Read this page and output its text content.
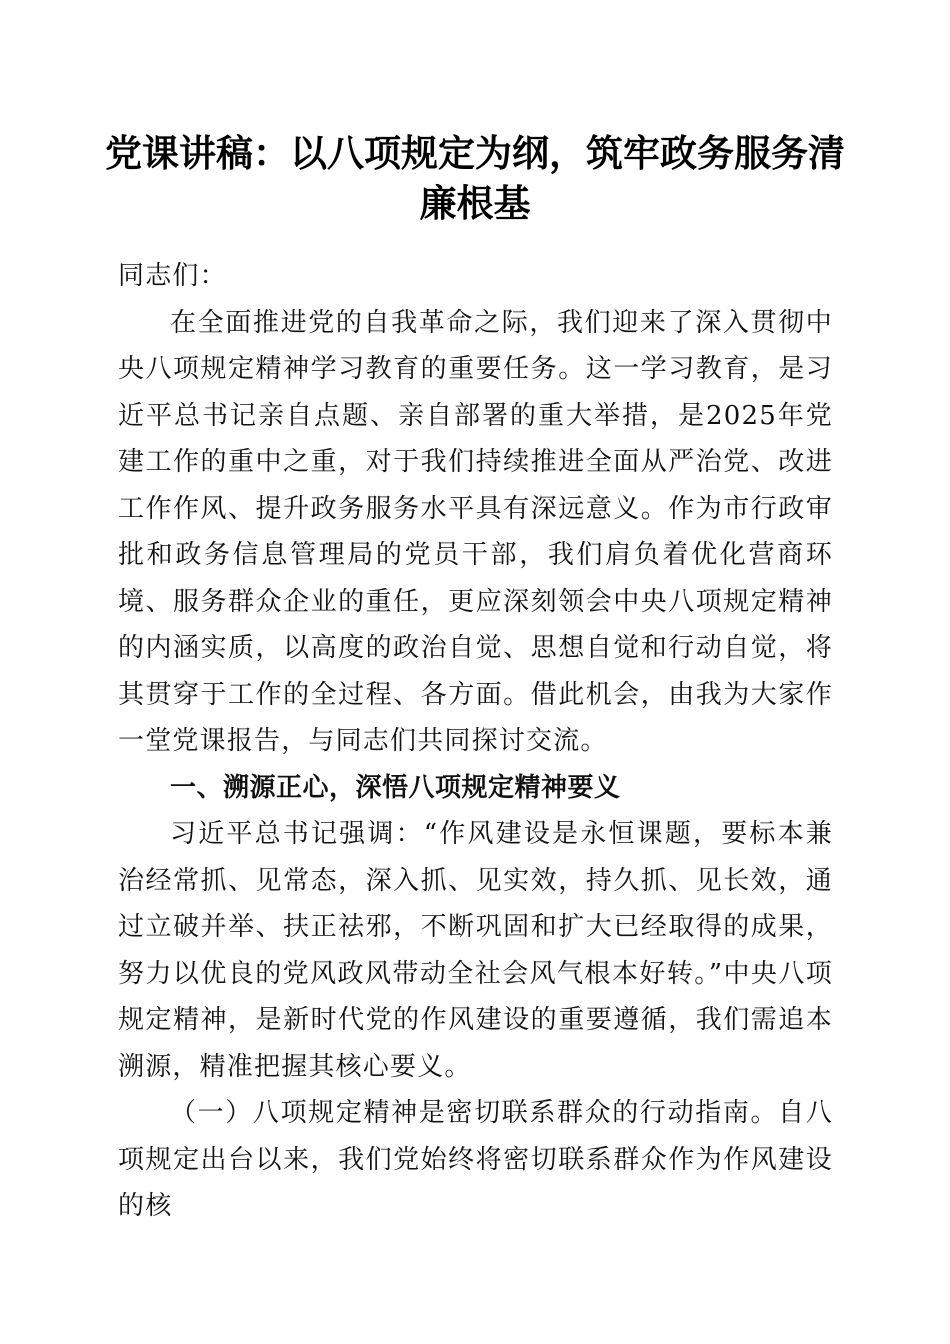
党课讲稿：以八项规定为纲，筑牢政务服务清廉根基

同志们：

在全面推进党的自我革命之际，我们迎来了深入贯彻中央八项规定精神学习教育的重要任务。这一学习教育，是习近平总书记亲自点题、亲自部署的重大举措，是2025年党建工作的重中之重，对于我们持续推进全面从严治党、改进工作作风、提升政务服务水平具有深远意义。作为市行政审批和政务信息管理局的党员干部，我们肩负着优化营商环境、服务群众企业的重任，更应深刻领会中央八项规定精神的内涵实质，以高度的政治自觉、思想自觉和行动自觉，将其贯穿于工作的全过程、各方面。借此机会，由我为大家作一堂党课报告，与同志们共同探讨交流。

一、溯源正心，深悟八项规定精神要义

习近平总书记强调：“作风建设是永恒课题，要标本兼治经常抓、见常态，深入抓、见实效，持久抓、见长效，通过立破并举、扶正祛邪，不断巩固和扩大已经取得的成果，努力以优良的党风政风带动全社会风气根本好转。”中央八项规定精神，是新时代党的作风建设的重要遵循，我们需追本溯源，精准把握其核心要义。

（一）八项规定精神是密切联系群众的行动指南。自八项规定出台以来，我们党始终将密切联系群众作为作风建设的核
